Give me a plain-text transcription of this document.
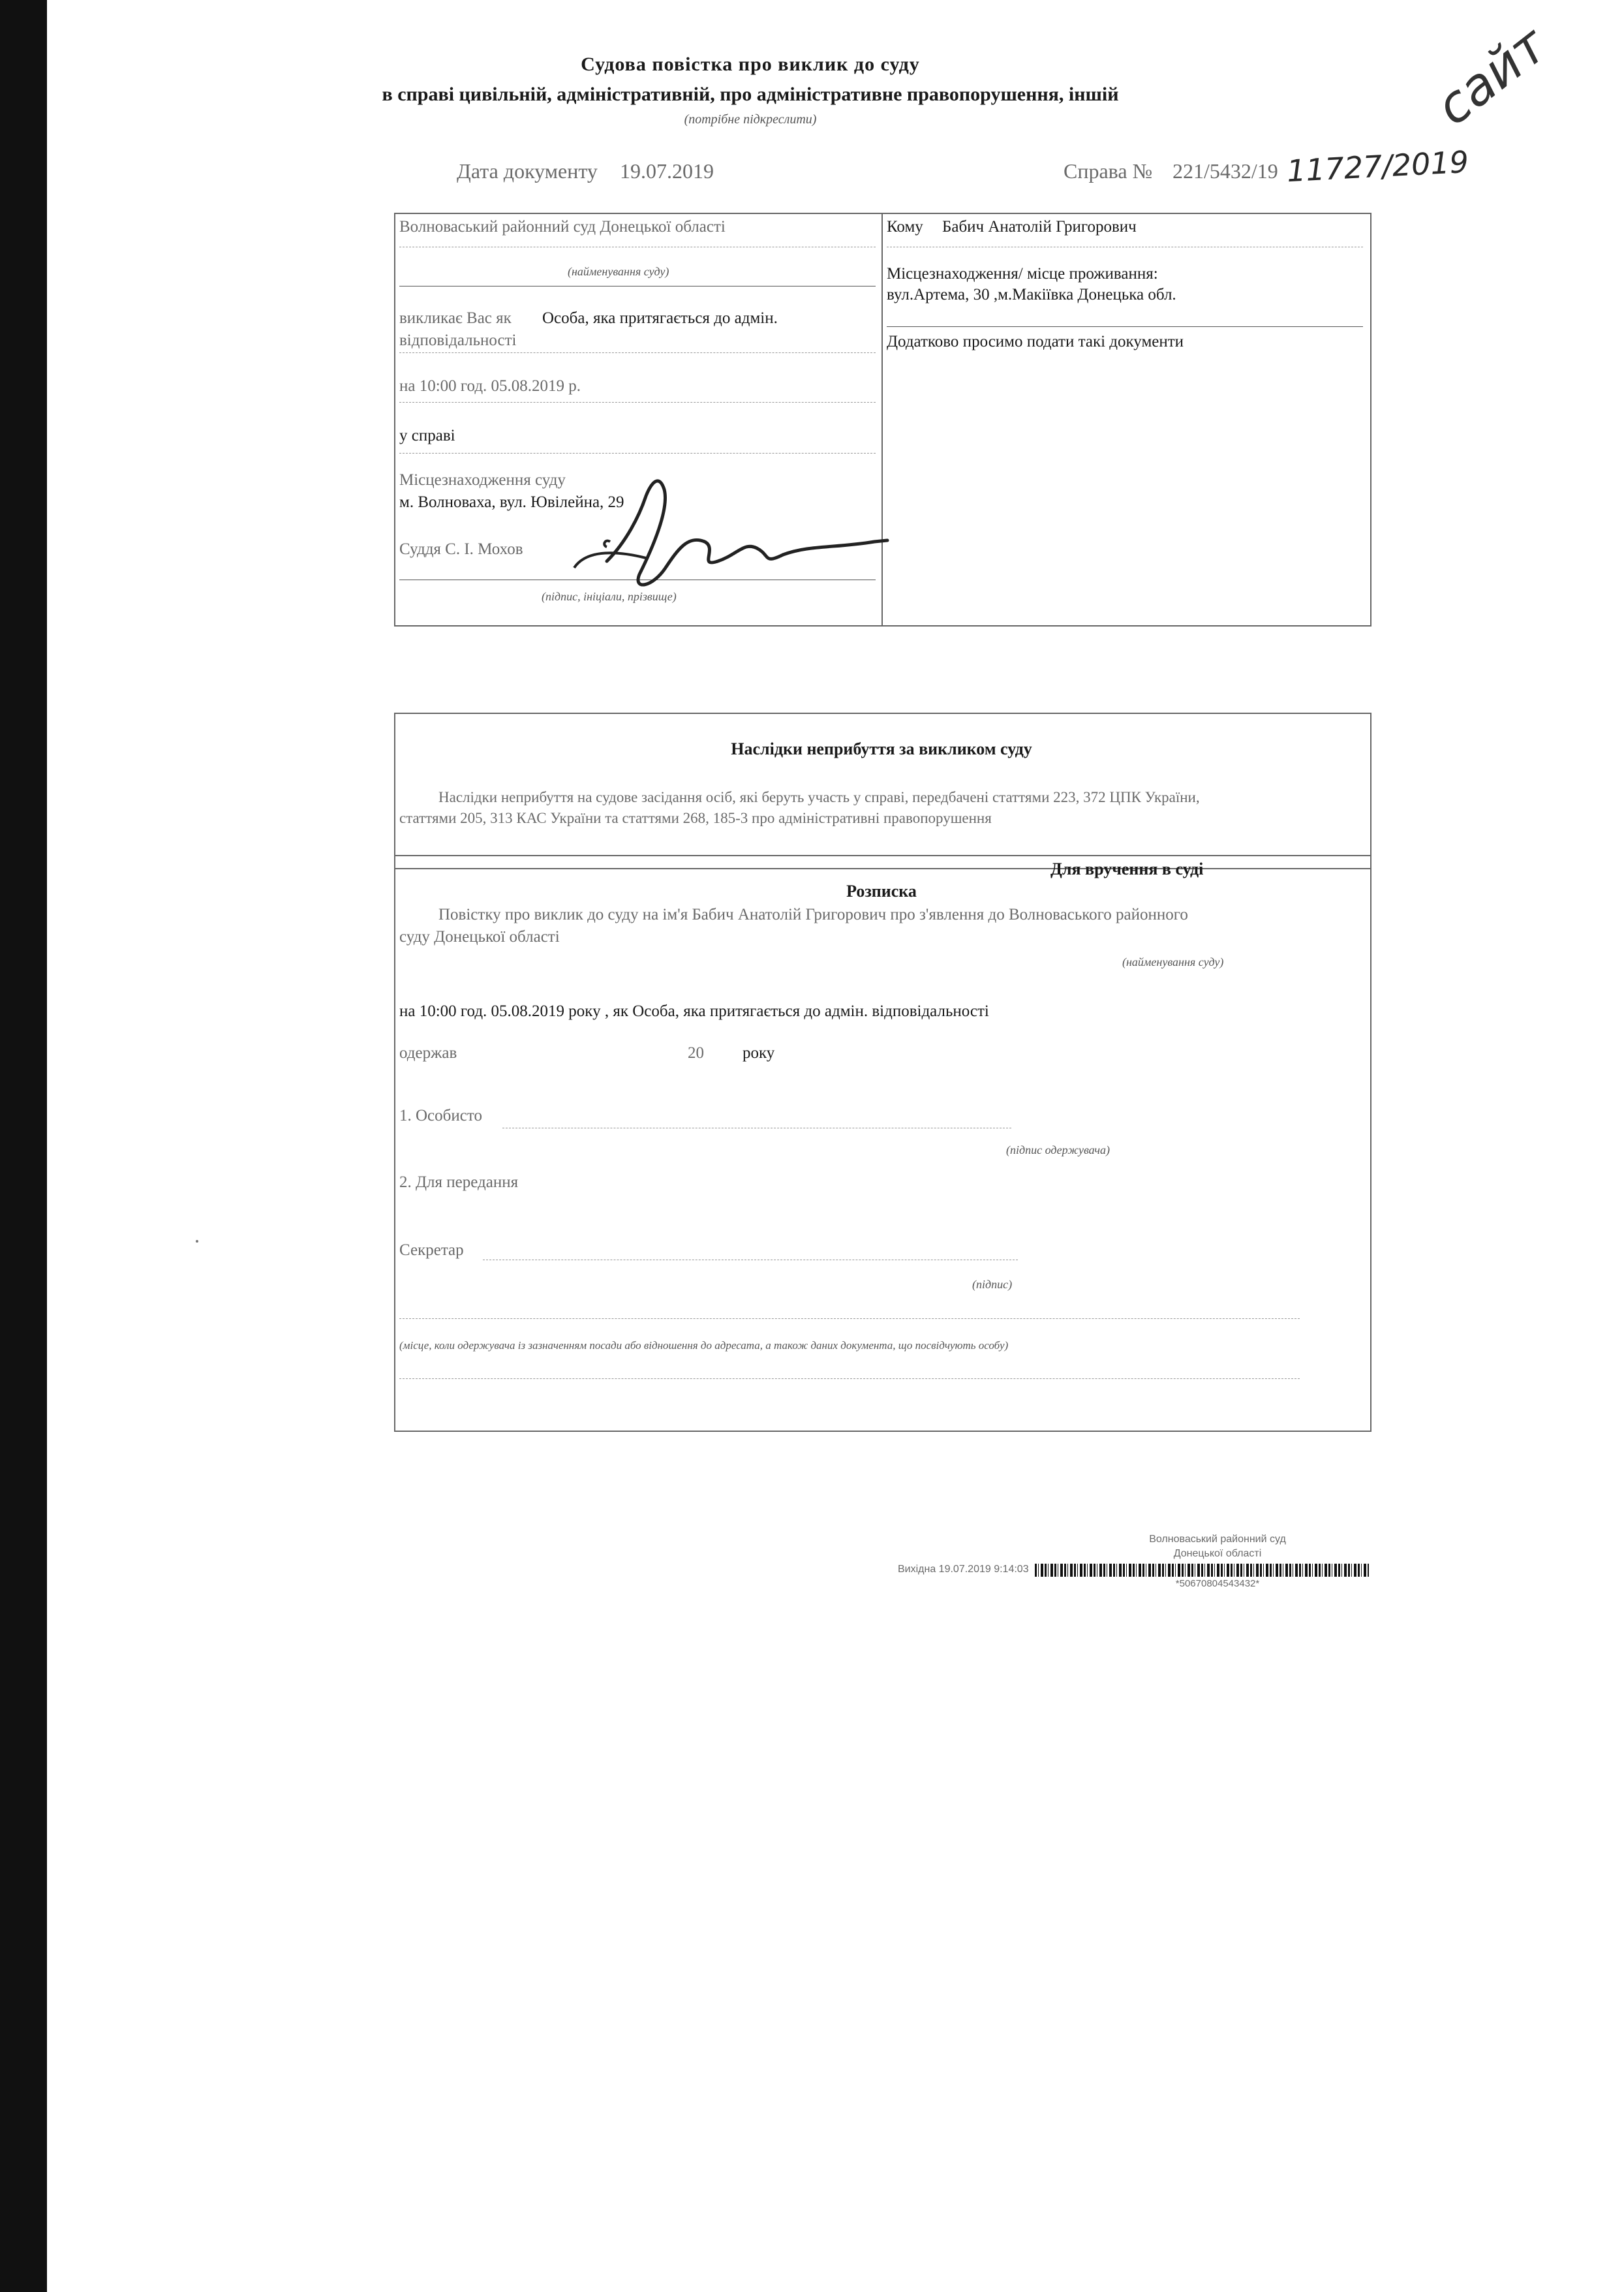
Судова повістка про виклик до суду
в справі цивільній, адміністративній, про адміністративне правопорушення, іншій
(потрібне підкреслити)
Дата документу 19.07.2019	Справа № 221/5432/19 11727/2019
сайт
Волноваський районний суд Донецької області
(найменування суду)
викликає Вас як Особа, яка притягається до адмін.
відповідальності
на 10:00 год. 05.08.2019 р.
у справі
Місцезнаходження суду
м. Волноваха, вул. Ювілейна, 29
Суддя С. І. Мохов
(підпис, ініціали, прізвище)
Кому Бабич Анатолій Григорович
Місцезнаходження/ місце проживання:
вул.Артема, 30 ,м.Макіївка Донецька обл.
Додатково просимо подати такі документи
Наслідки неприбуття за викликом суду
Наслідки неприбуття на судове засідання осіб, які беруть участь у справі, передбачені статтями 223, 372 ЦПК України,
статтями 205, 313 КАС України та статтями 268, 185-3 про адміністративні правопорушення
Для вручення в суді
Розписка
Повістку про виклик до суду на ім'я Бабич Анатолій Григорович про з'явлення до Волноваського районного
суду Донецької області
(найменування суду)
на 10:00 год. 05.08.2019 року , як Особа, яка притягається до адмін. відповідальності
одержав	20 року
1. Особисто
(підпис одержувача)
2. Для передання
Секретар
(підпис)
(місце, коли одержувача із зазначенням посади або відношення до адресата, а також даних документа, що посвідчують особу)
Волноваський районний суд
Донецької області
Вихідна 19.07.2019 9:14:03
*50670804543432*
